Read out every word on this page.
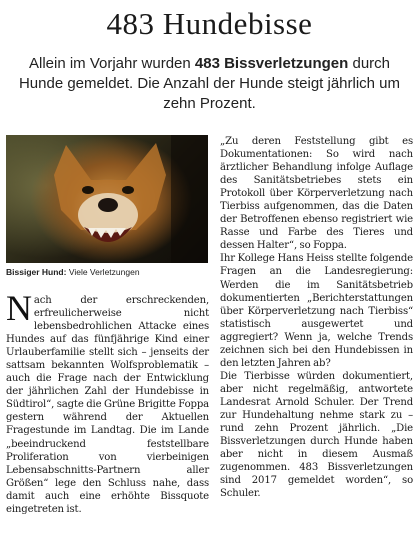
483 Hundebisse

Allein im Vorjahr wurden 483 Bissverletzungen durch Hunde gemeldet. Die Anzahl der Hunde steigt jährlich um zehn Prozent.

Bissiger Hund: Viele Verletzungen

Nach der erschreckenden, erfreulicherweise nicht lebensbedrohlichen Attacke eines Hundes auf das fünfjährige Kind einer Urlauberfamilie stellt sich – jenseits der sattsam bekannten Wolfsproblematik – auch die Frage nach der Entwicklung der jährlichen Zahl der Hundebisse in Südtirol“, sagte die Grüne Brigitte Foppa gestern während der Aktuellen Fragestunde im Landtag. Die im Lande „beeindruckend feststellbare Proliferation von vierbeinigen Lebensabschnitts-Partnern aller Größen“ lege den Schluss nahe, dass damit auch eine erhöhte Bissquote eingetreten ist.

„Zu deren Feststellung gibt es Dokumentationen: So wird nach ärztlicher Behandlung infolge Auflage des Sanitätsbetriebes stets ein Protokoll über Körperverletzung nach Tierbiss aufgenommen, das die Daten der Betroffenen ebenso registriert wie Rasse und Farbe des Tieres und dessen Halter“, so Foppa.

Ihr Kollege Hans Heiss stellte folgende Fragen an die Landesregierung: Werden die im Sanitätsbetrieb dokumentierten „Berichterstattungen über Körperverletzung nach Tierbiss“ statistisch ausgewertet und aggregiert? Wenn ja, welche Trends zeichnen sich bei den Hundebissen in den letzten Jahren ab?

Die Tierbisse würden dokumentiert, aber nicht regelmäßig, antwortete Landesrat Arnold Schuler. Der Trend zur Hundehaltung nehme stark zu – rund zehn Prozent jährlich. „Die Bissverletzungen durch Hunde haben aber nicht in diesem Ausmaß zugenommen. 483 Bissverletzungen sind 2017 gemeldet worden“, so Schuler.
